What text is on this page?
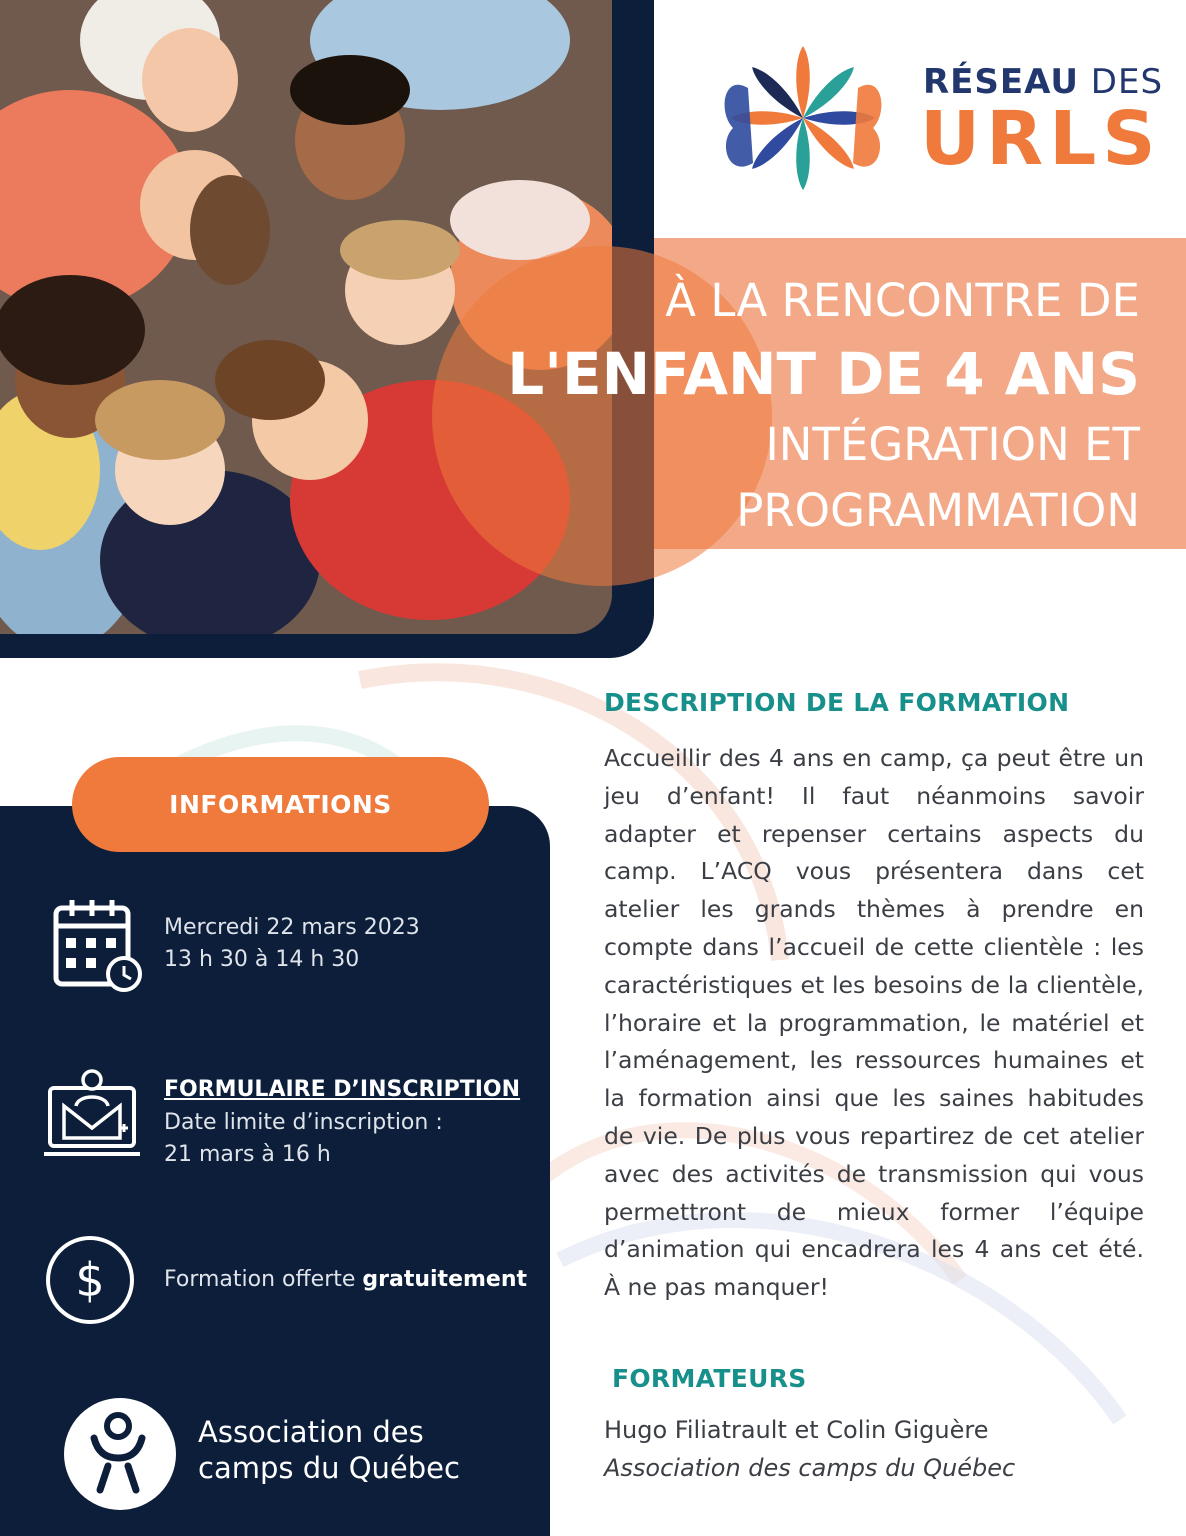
RÉSEAU DES
URLS
À LA RENCONTRE DE
L'ENFANT DE 4 ANS
INTÉGRATION ET
PROGRAMMATION
INFORMATIONS
Mercredi 22 mars 2023
13 h 30 à 14 h 30
FORMULAIRE D’INSCRIPTION
Date limite d’inscription :
21 mars à 16 h
$	Formation offerte gratuitement
Association des
camps du Québec
DESCRIPTION DE LA FORMATION
Accueillir des 4 ans en camp, ça peut être un jeu d’enfant! Il faut néanmoins savoir adapter et repenser certains aspects du camp. L’ACQ vous présentera dans cet atelier les grands thèmes à prendre en compte dans l’accueil de cette clientèle : les caractéristiques et les besoins de la clientèle, l’horaire et la programmation, le matériel et l’aménagement, les ressources humaines et la formation ainsi que les saines habitudes de vie. De plus vous repartirez de cet atelier avec des activités de transmission qui vous permettront de mieux former l’équipe d’animation qui encadrera les 4 ans cet été. À ne pas manquer!
FORMATEURS
Hugo Filiatrault et Colin Giguère
Association des camps du Québec
